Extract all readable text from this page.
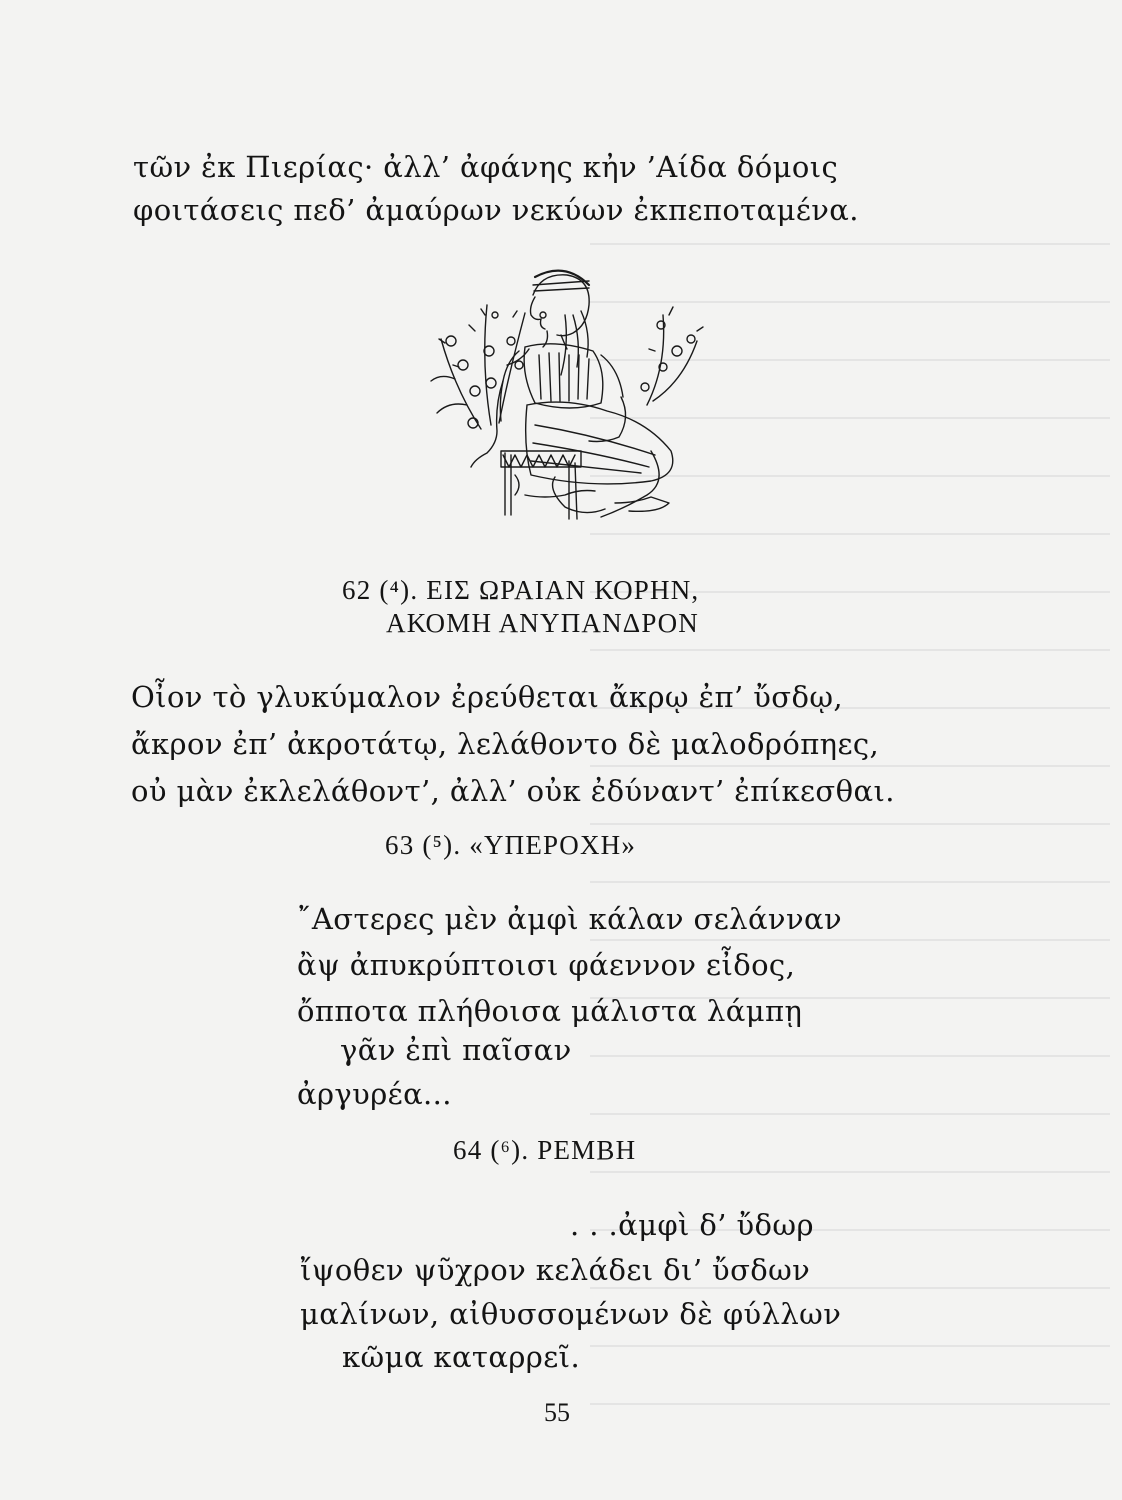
τῶν ἐκ Πιερίας· ἀλλ’ ἀφάνης κἠν ’Αίδα δόμοις
φοιτάσεις πεδ’ ἀμαύρων νεκύων ἐκπεποταμένα.
62 (⁴). ΕΙΣ ΩΡΑΙΑΝ ΚΟΡΗΝ,
ΑΚΟΜΗ ΑΝΥΠΑΝΔΡΟΝ
Οἶον τὸ γλυκύμαλον ἐρεύθεται ἄκρῳ ἐπ’ ὔσδῳ,
ἄκρον ἐπ’ ἀκροτάτῳ, λελάθοντο δὲ μαλοδρόπηες,
οὐ μὰν ἐκλελάθοντ’, ἀλλ’ οὐκ ἐδύναντ’ ἐπίκεσθαι.
63 (⁵). «ΥΠΕΡΟΧΗ»
῎Αστερες μὲν ἀμφὶ κάλαν σελάνναν
ἂψ ἀπυκρύπτοισι φάεννον εἶδος,
ὄπποτα πλήθοισα μάλιστα λάμπῃ
γᾶν ἐπὶ παῖσαν
ἀργυρέα...
64 (⁶). ΡΕΜΒΗ
. . .ἀμφὶ δ’ ὔδωρ
ἴψοθεν ψῦχρον κελάδει δι’ ὔσδων
μαλίνων, αἰθυσσομένων δὲ φύλλων
κῶμα καταρρεῖ.
55
